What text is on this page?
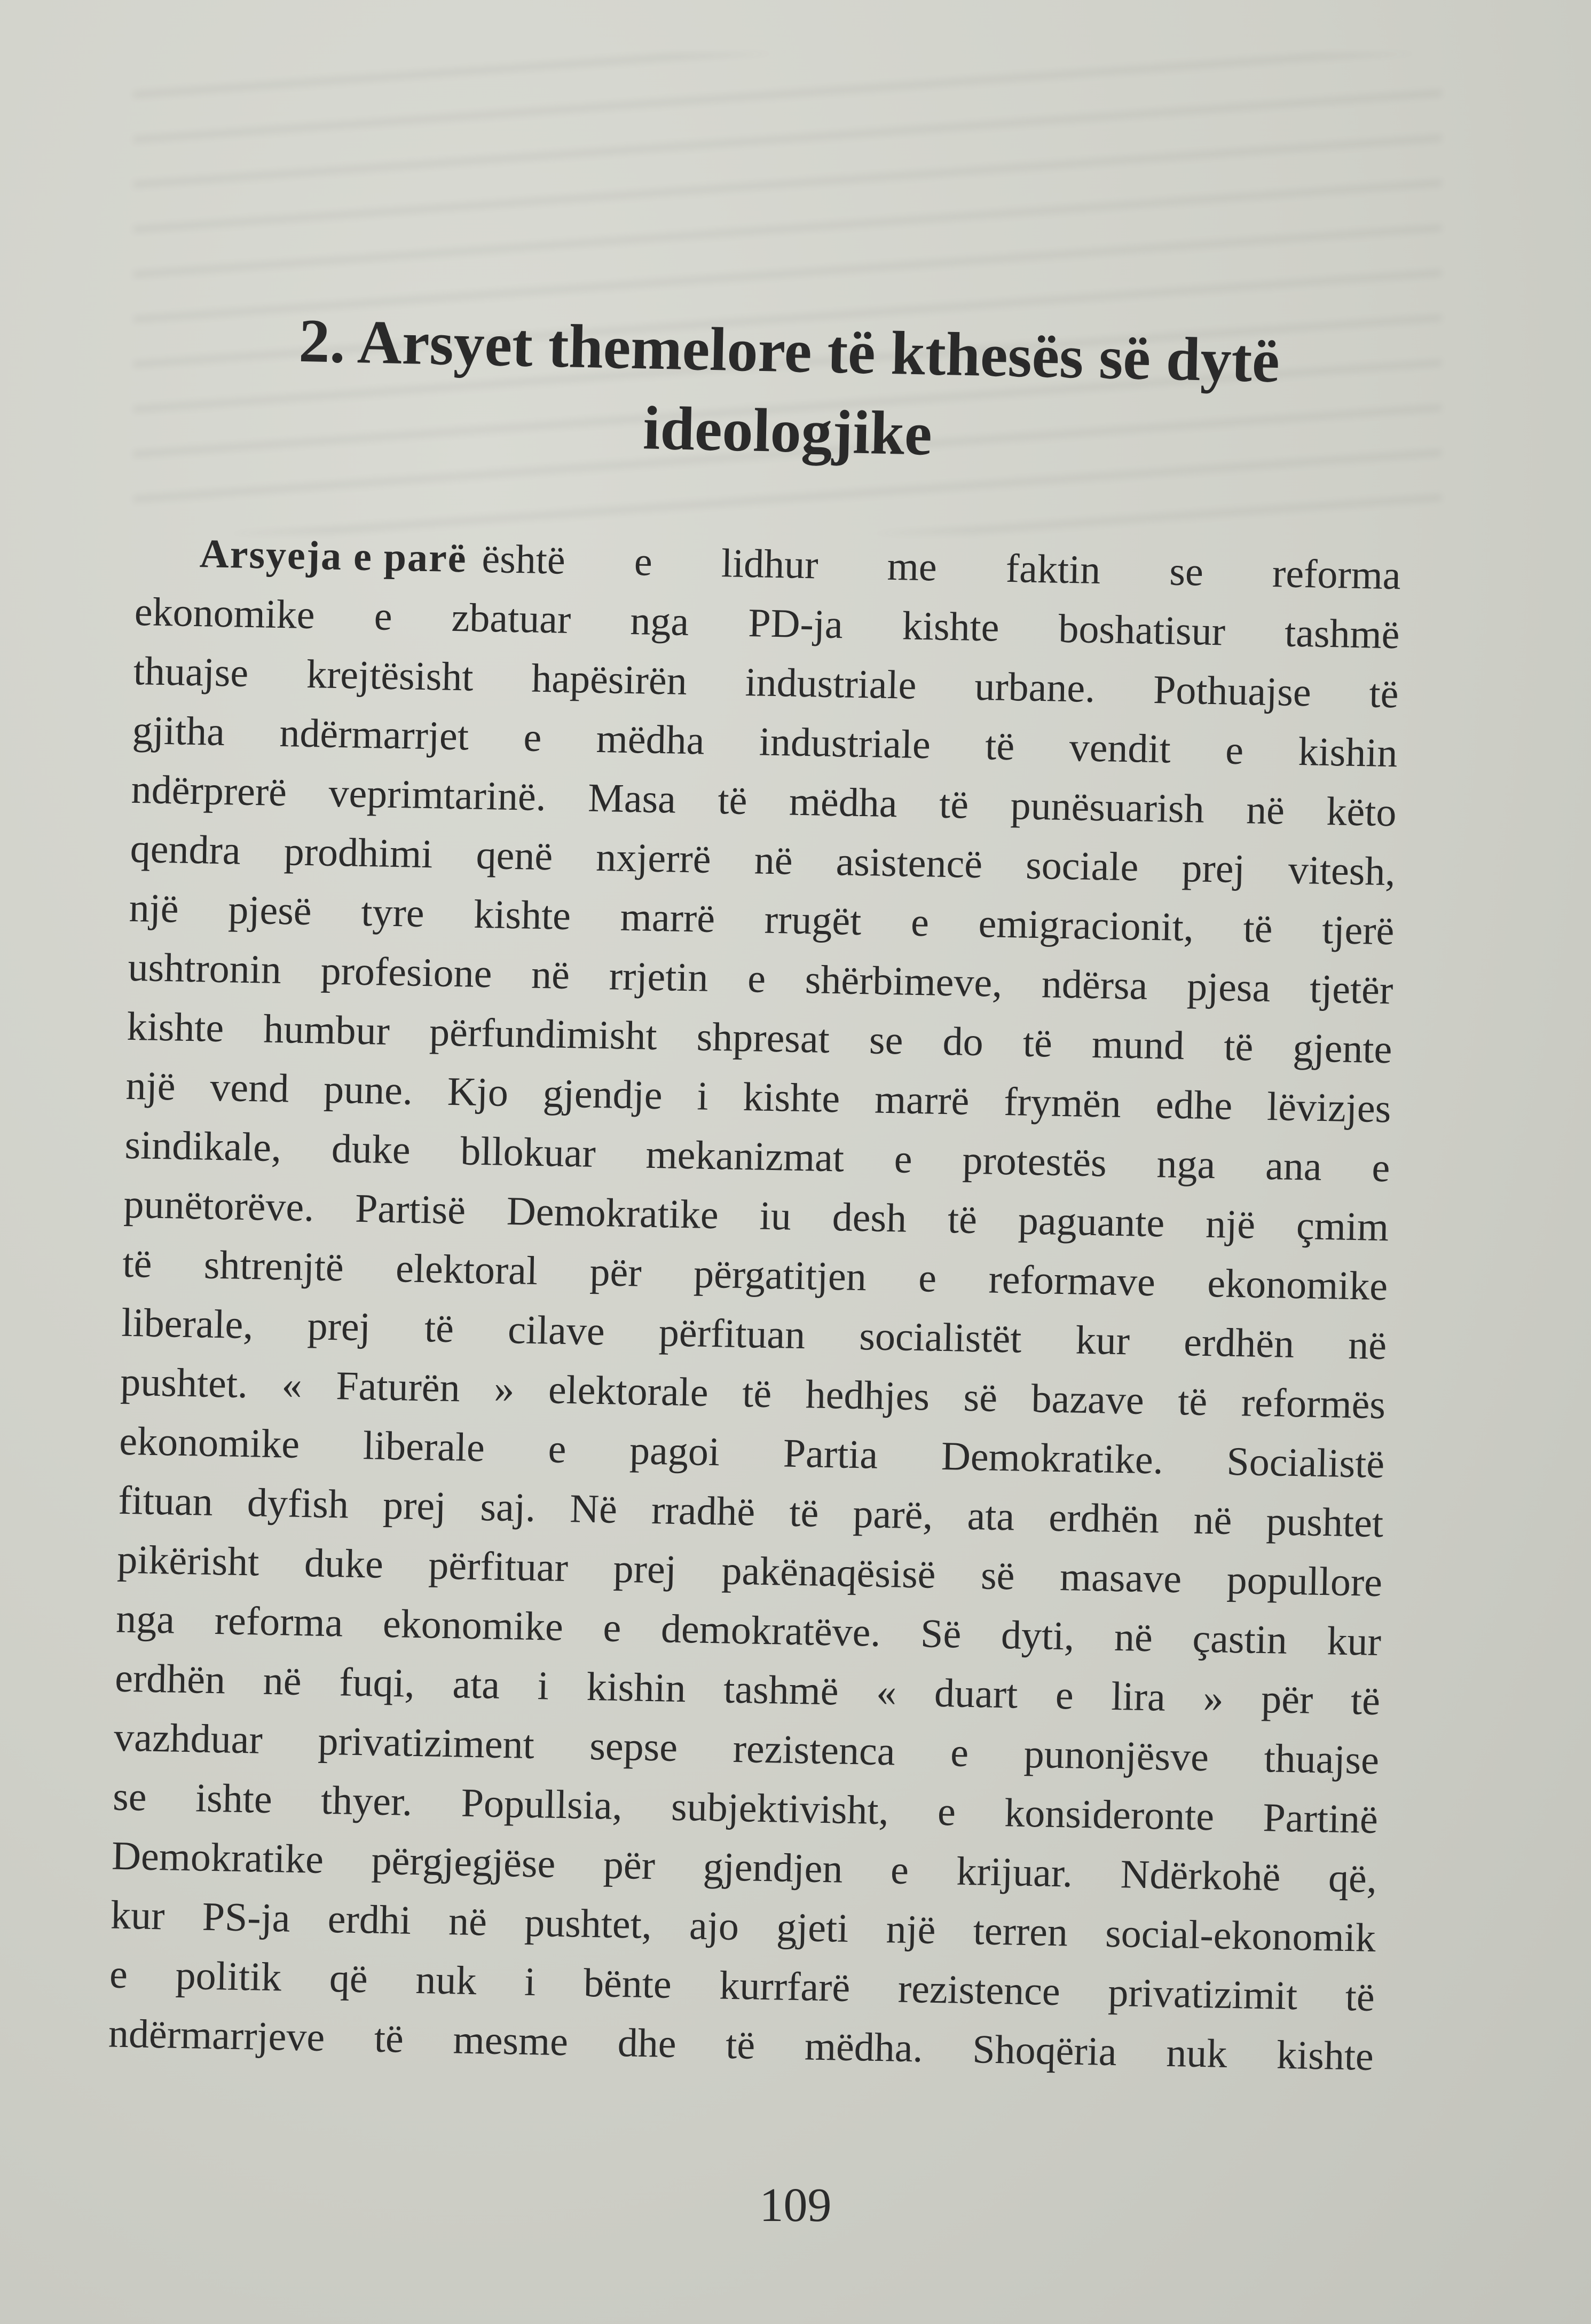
2. Arsyet themelore të kthesës së dytë
ideologjike
Arsyeja e parë është e lidhur me faktin se reforma
ekonomike e zbatuar nga PD-ja kishte boshatisur tashmë
thuajse krejtësisht hapësirën industriale urbane. Pothuajse të
gjitha ndërmarrjet e mëdha industriale të vendit e kishin
ndërprerë veprimtarinë. Masa të mëdha të punësuarish në këto
qendra prodhimi qenë nxjerrë në asistencë sociale prej vitesh,
një pjesë tyre kishte marrë rrugët e emigracionit, të tjerë
ushtronin profesione në rrjetin e shërbimeve, ndërsa pjesa tjetër
kishte humbur përfundimisht shpresat se do të mund të gjente
një vend pune. Kjo gjendje i kishte marrë frymën edhe lëvizjes
sindikale, duke bllokuar mekanizmat e protestës nga ana e
punëtorëve. Partisë Demokratike iu desh të paguante një çmim
të shtrenjtë elektoral për përgatitjen e reformave ekonomike
liberale, prej të cilave përfituan socialistët kur erdhën në
pushtet. « Faturën » elektorale të hedhjes së bazave të reformës
ekonomike liberale e pagoi Partia Demokratike. Socialistë
fituan dyfish prej saj. Në rradhë të parë, ata erdhën në pushtet
pikërisht duke përfituar prej pakënaqësisë së masave popullore
nga reforma ekonomike e demokratëve. Së dyti, në çastin kur
erdhën në fuqi, ata i kishin tashmë « duart e lira » për të
vazhduar privatiziment sepse rezistenca e punonjësve thuajse
se ishte thyer. Popullsia, subjektivisht, e konsideronte Partinë
Demokratike përgjegjëse për gjendjen e krijuar. Ndërkohë që,
kur PS-ja erdhi në pushtet, ajo gjeti një terren social-ekonomik
e politik që nuk i bënte kurrfarë rezistence privatizimit të
ndërmarrjeve të mesme dhe të mëdha. Shoqëria nuk kishte
109
